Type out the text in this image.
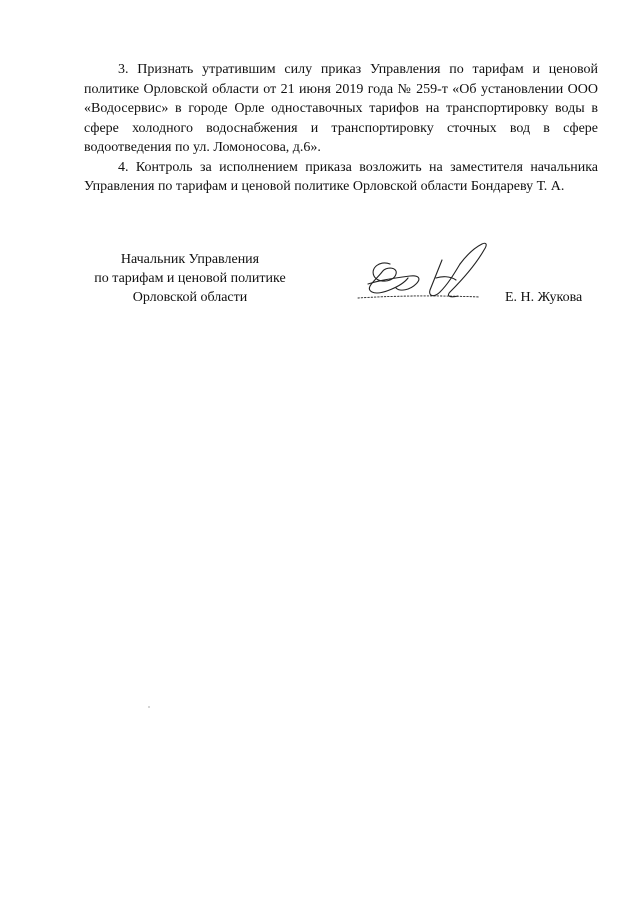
3. Признать утратившим силу приказ Управления по тарифам и ценовой политике Орловской области от 21 июня 2019 года № 259-т «Об установлении ООО «Водосервис» в городе Орле одноставочных тарифов на транспортировку воды в сфере холодного водоснабжения и транспортировку сточных вод в сфере водоотведения по ул. Ломоносова, д.6».

4. Контроль за исполнением приказа возложить на заместителя начальника Управления по тарифам и ценовой политике Орловской области Бондареву Т. А.

Начальник Управления
по тарифам и ценовой политике
Орловской области	Е. Н. Жукова
